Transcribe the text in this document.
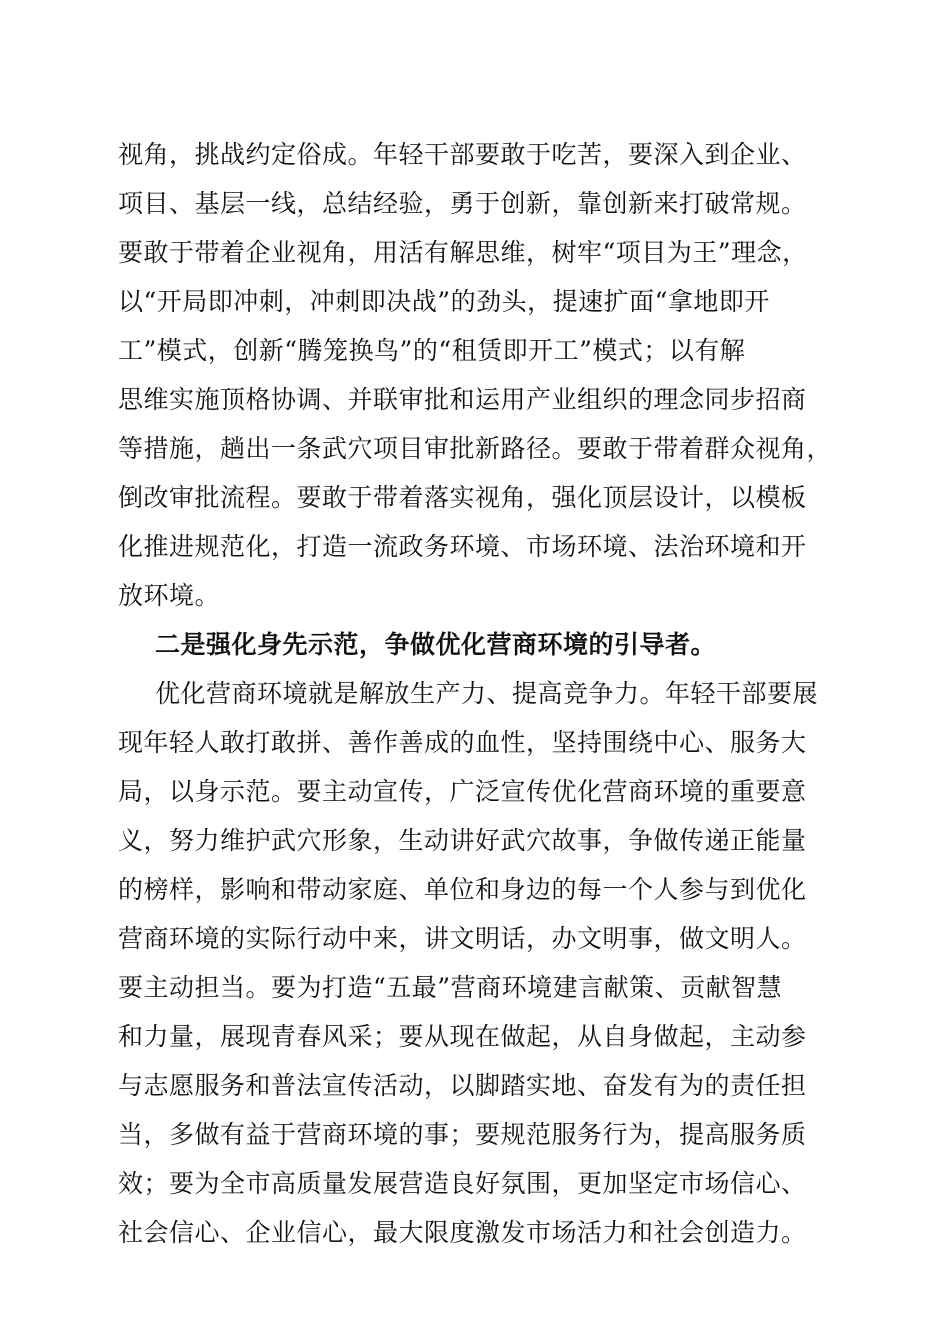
视角，挑战约定俗成。年轻干部要敢于吃苦，要深入到企业、
项目、基层一线，总结经验，勇于创新，靠创新来打破常规。
要敢于带着企业视角，用活有解思维，树牢“项目为王”理念，
以“开局即冲刺，冲刺即决战”的劲头，提速扩面“拿地即开
工”模式，创新“腾笼换鸟”的“租赁即开工”模式；以有解
思维实施顶格协调、并联审批和运用产业组织的理念同步招商
等措施，趟出一条武穴项目审批新路径。要敢于带着群众视角，
倒改审批流程。要敢于带着落实视角，强化顶层设计，以模板
化推进规范化，打造一流政务环境、市场环境、法治环境和开
放环境。
二是强化身先示范，争做优化营商环境的引导者。
优化营商环境就是解放生产力、提高竞争力。年轻干部要展
现年轻人敢打敢拼、善作善成的血性，坚持围绕中心、服务大
局，以身示范。要主动宣传，广泛宣传优化营商环境的重要意
义，努力维护武穴形象，生动讲好武穴故事，争做传递正能量
的榜样，影响和带动家庭、单位和身边的每一个人参与到优化
营商环境的实际行动中来，讲文明话，办文明事，做文明人。
要主动担当。要为打造“五最”营商环境建言献策、贡献智慧
和力量，展现青春风采；要从现在做起，从自身做起，主动参
与志愿服务和普法宣传活动，以脚踏实地、奋发有为的责任担
当，多做有益于营商环境的事；要规范服务行为，提高服务质
效；要为全市高质量发展营造良好氛围，更加坚定市场信心、
社会信心、企业信心，最大限度激发市场活力和社会创造力。
